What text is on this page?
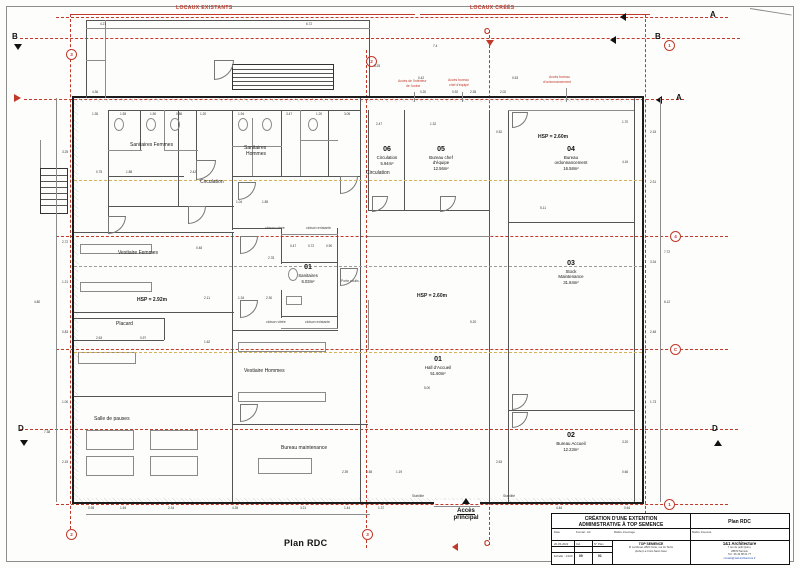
LOCAUX EXISTANTS	LOCAUX CRÉÉS
B
A
B
C
D	D
C
A
1
2
3
4
C
1
2	3
4.21	6.72
7.4
3.25
0.42
0.20	0.92	2.35	2.02
0.53
4.36
7.38
4.80
3.25
2.72
1.21
0.83
1.00
2.15
2.15
2.31
3.34
2.48
1.73
6.12
7.72
0.98	1.54	2.34	4.35	3.21	1.44	1.37	4.46	0.64
1.35	1.55	1.50	0.86	1.20	1.94	3.47	1.20	3.05
2.47	1.32
5.11
0.75	1.88	2.42
5.00
5.20
1.04	1.85
2.78
0.47	0.72	0.90
2.11	1.34	2.30
1.62
2.63	0.97
0.48
3.58
2.39	1.19	0.66
3.20
4.16
1.70
0.52
2.63
06
Circulation
5.94m²
05
Bureau chef
d'équipe
12.56m²
04
Bureau
ordonnancement
16.58m²
03
Stock
Maintenance
31.84m²
02
Bureau Accueil
12.23m²
01
Hall d'Accueil
51.60m²
01
Sanitaires
6.03m²
Sanitaires Femmes	Sanitaires
Hommes
Circulation
Vestiaire Femmes
Vestiaire Hommes
Placard
Salle de pauses
Bureau maintenance
Circulation
HSP = 2.92m
HSP = 2.60m
HSP = 2.60m
Accès de l'intérieur
de l'usine
Accès bureau
chef d'équipe
Accès bureau
d'ordonnancement
Stabilité	Stabilité
cloison vitrée	cloison existante
cloison vitrée	cloison existante
Porte coulis.
Accès
principal
Plan RDC
CRÉATION D'UNE EXTENTION
ADMINISTRATIVE À TOP SEMENCE
Plan RDC
Date	Format : A3	Maître d'ouvrage	Maître d'oeuvre
20-05-2022
Echelle : 1/100
Ind.
00
N° Plan
01
TOP SEMENCE
ZI La Mouat, 2822 Crête, rue du Tertre
(Aube) La Croix-Saint-Ouen
1&1 Architecture
7 rue du petit Quinu,
28870 Sernois
Tél : 06 42 08 01 77
contact@1et1architecture.fr
